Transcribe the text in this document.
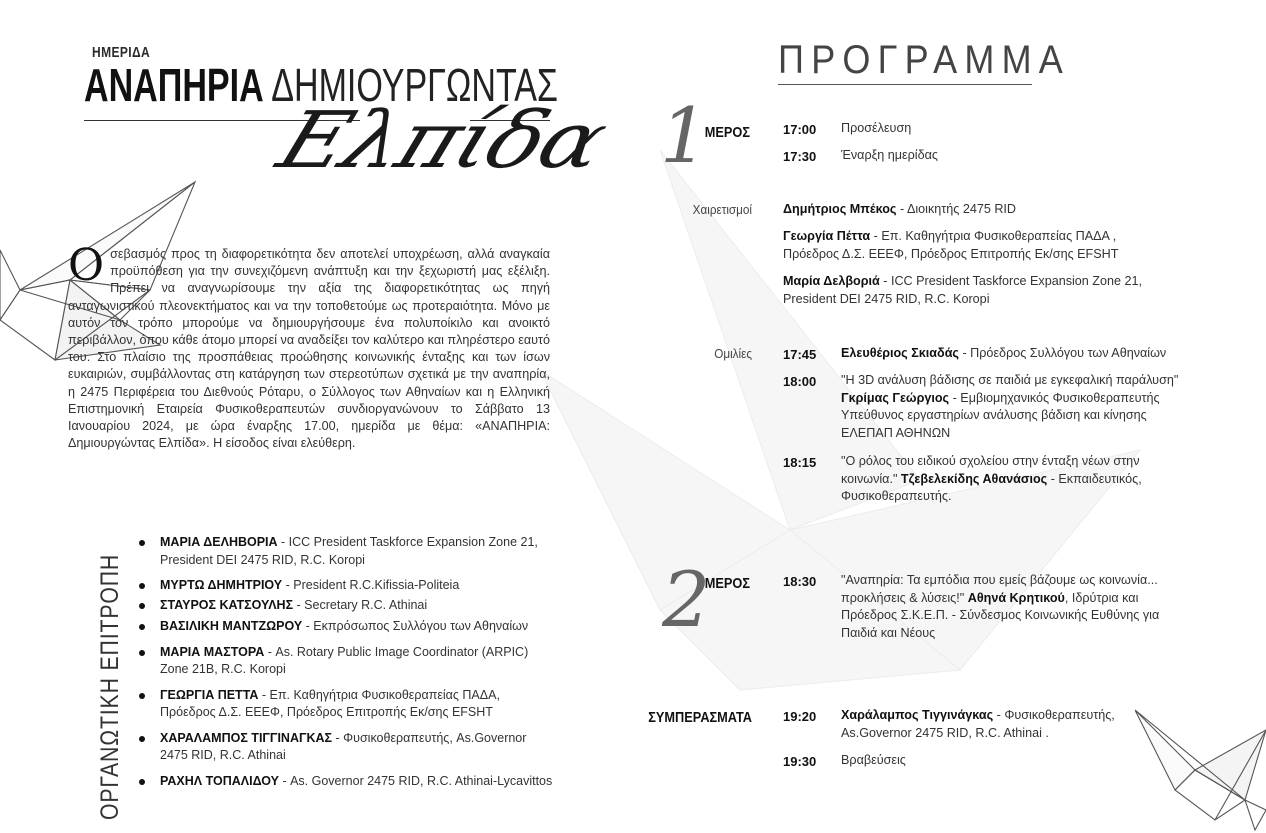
ΗΜΕΡΙΔΑ
ΑΝΑΠΗΡΙΑ ΔΗΜΙΟΥΡΓΩΝΤΑΣ
Ελπίδα
Ο σεβασμός προς τη διαφορετικότητα δεν αποτελεί υποχρέωση, αλλά αναγκαία προϋπόθεση για την συνεχιζόμενη ανάπτυξη και την ξεχωριστή μας εξέλιξη. Πρέπει να αναγνωρίσουμε την αξία της διαφορετικότητας ως πηγή ανταγωνιστικού πλεονεκτήματος και να την τοποθετούμε ως προτεραιότητα. Μόνο με αυτόν τον τρόπο μπορούμε να δημιουργήσουμε ένα πολυποίκιλο και ανοικτό περιβάλλον, όπου κάθε άτομο μπορεί να αναδείξει τον καλύτερο και πληρέστερο εαυτό του. Στο πλαίσιο της προσπάθειας προώθησης κοινωνικής ένταξης και των ίσων ευκαιριών, συμβάλλοντας στη κατάργηση των στερεοτύπων σχετικά με την αναπηρία, η 2475 Περιφέρεια του Διεθνούς Ρόταρυ, ο Σύλλογος των Αθηναίων και η Ελληνική Επιστημονική Εταιρεία Φυσικοθεραπευτών συνδιοργανώνουν το Σάββατο 13 Ιανουαρίου 2024, με ώρα έναρξης 17.00, ημερίδα με θέμα: «ΑΝΑΠΗΡΙΑ: Δημιουργώντας Ελπίδα». Η είσοδος είναι ελεύθερη.
ΟΡΓΑΝΩΤΙΚΗ ΕΠΙΤΡΟΠΗ
ΜΑΡΙΑ ΔΕΛΗΒΟΡΙΑ - ICC President Taskforce Expansion Zone 21, President DEI 2475 RID, R.C. Koropi
ΜΥΡΤΩ ΔΗΜΗΤΡΙΟΥ - President R.C.Kifissia-Politeia
ΣΤΑΥΡΟΣ ΚΑΤΣΟΥΛΗΣ - Secretary R.C. Athinai
ΒΑΣΙΛΙΚΗ ΜΑΝΤΖΩΡΟΥ - Εκπρόσωπος Συλλόγου των Αθηναίων
ΜΑΡΙΑ ΜΑΣΤΟΡΑ - As. Rotary Public Image Coordinator (ARPIC) Zone 21B, R.C. Koropi
ΓΕΩΡΓΙΑ ΠΕΤΤΑ - Επ. Καθηγήτρια Φυσικοθεραπείας ΠΑΔΑ, Πρόεδρος Δ.Σ. ΕΕΕΦ, Πρόεδρος Επιτροπής Εκ/σης EFSHT
ΧΑΡΑΛΑΜΠΟΣ ΤΙΓΓΙΝΑΓΚΑΣ - Φυσικοθεραπευτής, As.Governor 2475 RID, R.C. Athinai
ΡΑΧΗΛ ΤΟΠΑΛΙΔΟΥ - As. Governor 2475 RID, R.C. Athinai-Lycavittos
ΠΡΟΓΡΑΜΜΑ
1
ΜΕΡΟΣ	17:00 Προσέλευση
17:30 Έναρξη ημερίδας
Χαιρετισμοί Δημήτριος Μπέκος - Διοικητής 2475 RID
Γεωργία Πέττα - Επ. Καθηγήτρια Φυσικοθεραπείας ΠΑΔΑ , Πρόεδρος Δ.Σ. ΕΕΕΦ, Πρόεδρος Επιτροπής Εκ/σης EFSHT
Μαρία Δελβοριά - ICC President Taskforce Expansion Zone 21, President DEI 2475 RID, R.C. Koropi
Ομιλίες 17:45 Ελευθέριος Σκιαδάς - Πρόεδρος Συλλόγου των Αθηναίων
18:00 "Η 3D ανάλυση βάδισης σε παιδιά με εγκεφαλική παράλυση" Γκρίμας Γεώργιος - Εμβιομηχανικός Φυσικοθεραπευτής Υπεύθυνος εργαστηρίων ανάλυσης βάδιση και κίνησης ΕΛΕΠΑΠ ΑΘΗΝΩΝ
18:15 "Ο ρόλος του ειδικού σχολείου στην ένταξη νέων στην κοινωνία." Τζεβελεκίδης Αθανάσιος - Εκπαιδευτικός, Φυσικοθεραπευτής.
2
ΜΕΡΟΣ	18:30 "Αναπηρία: Τα εμπόδια που εμείς βάζουμε ως κοινωνία... προκλήσεις & λύσεις!" Αθηνά Κρητικού, Ιδρύτρια και Πρόεδρος Σ.Κ.Ε.Π. - Σύνδεσμος Κοινωνικής Ευθύνης για Παιδιά και Νέους
ΣΥΜΠΕΡΑΣΜΑΤΑ 19:20 Χαράλαμπος Τιγγινάγκας - Φυσικοθεραπευτής, As.Governor 2475 RID, R.C. Athinai .
19:30 Βραβεύσεις
